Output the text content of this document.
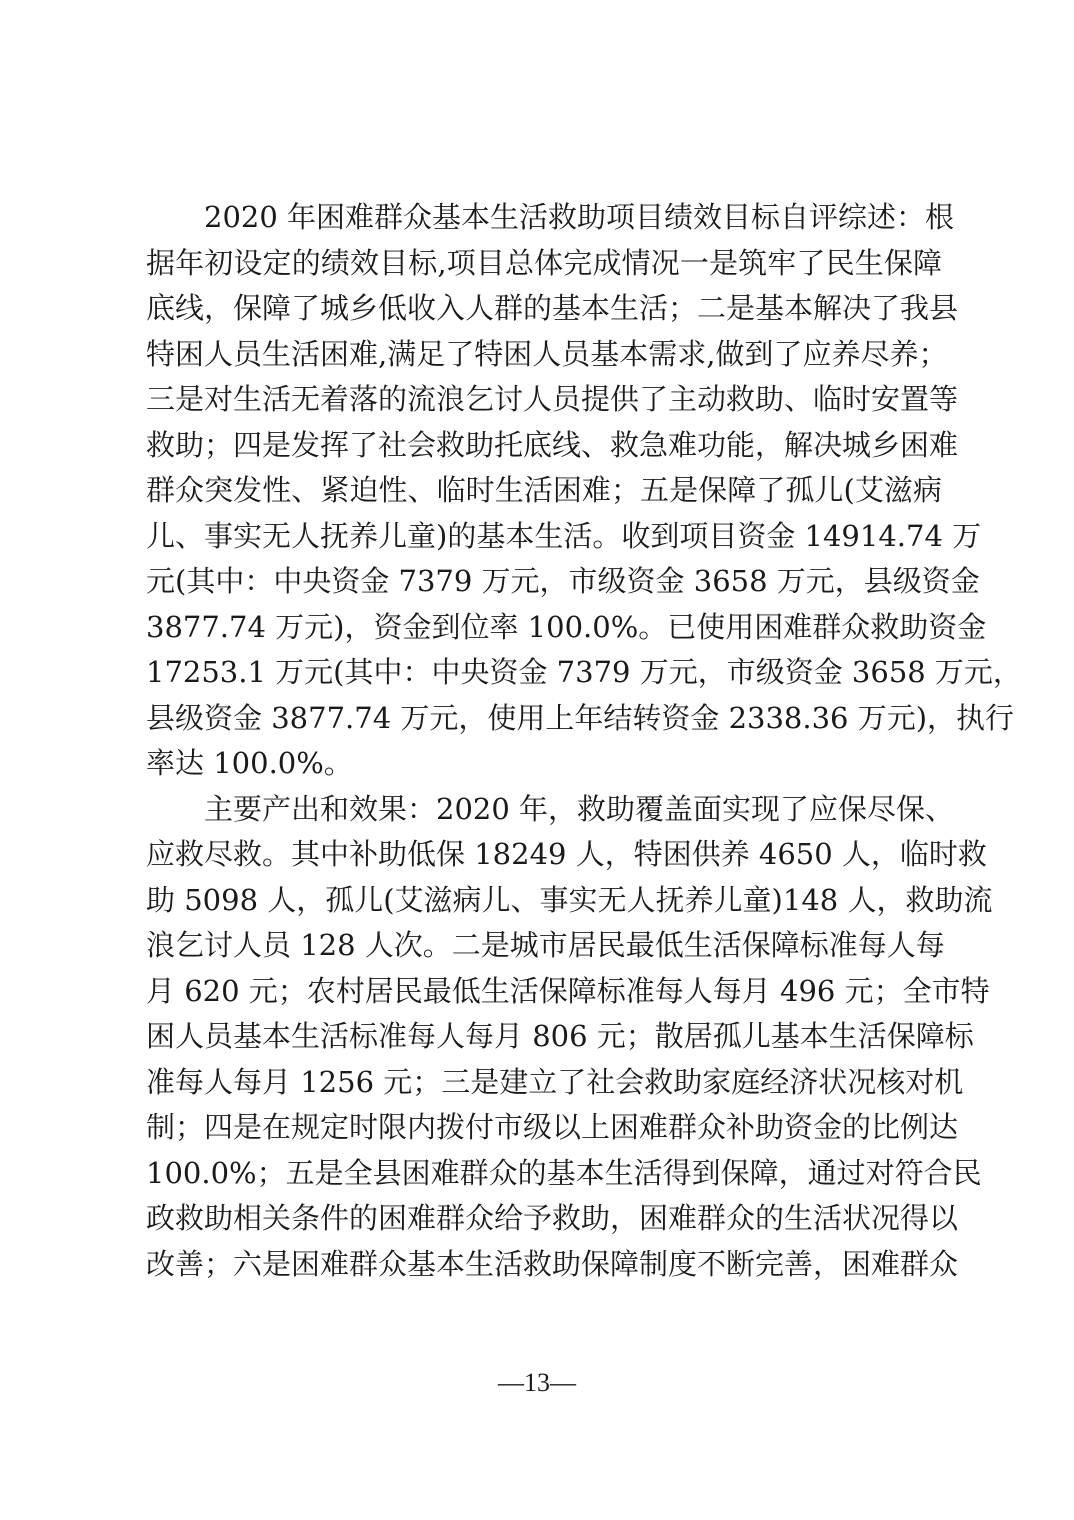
2020 年困难群众基本生活救助项目绩效目标自评综述：根
据年初设定的绩效目标,项目总体完成情况一是筑牢了民生保障
底线，保障了城乡低收入人群的基本生活；二是基本解决了我县
特困人员生活困难,满足了特困人员基本需求,做到了应养尽养；
三是对生活无着落的流浪乞讨人员提供了主动救助、临时安置等
救助；四是发挥了社会救助托底线、救急难功能，解决城乡困难
群众突发性、紧迫性、临时生活困难；五是保障了孤儿(艾滋病
儿、事实无人抚养儿童)的基本生活。收到项目资金 14914.74 万
元(其中：中央资金 7379 万元，市级资金 3658 万元，县级资金
3877.74 万元)，资金到位率 100.0%。已使用困难群众救助资金
17253.1 万元(其中：中央资金 7379 万元，市级资金 3658 万元，
县级资金 3877.74 万元，使用上年结转资金 2338.36 万元)，执行
率达 100.0%。
主要产出和效果：2020 年，救助覆盖面实现了应保尽保、
应救尽救。其中补助低保 18249 人，特困供养 4650 人，临时救
助 5098 人，孤儿(艾滋病儿、事实无人抚养儿童)148 人，救助流
浪乞讨人员 128 人次。二是城市居民最低生活保障标准每人每
月 620 元；农村居民最低生活保障标准每人每月 496 元；全市特
困人员基本生活标准每人每月 806 元；散居孤儿基本生活保障标
准每人每月 1256 元；三是建立了社会救助家庭经济状况核对机
制；四是在规定时限内拨付市级以上困难群众补助资金的比例达
100.0%；五是全县困难群众的基本生活得到保障，通过对符合民
政救助相关条件的困难群众给予救助，困难群众的生活状况得以
改善；六是困难群众基本生活救助保障制度不断完善，困难群众
—13—
